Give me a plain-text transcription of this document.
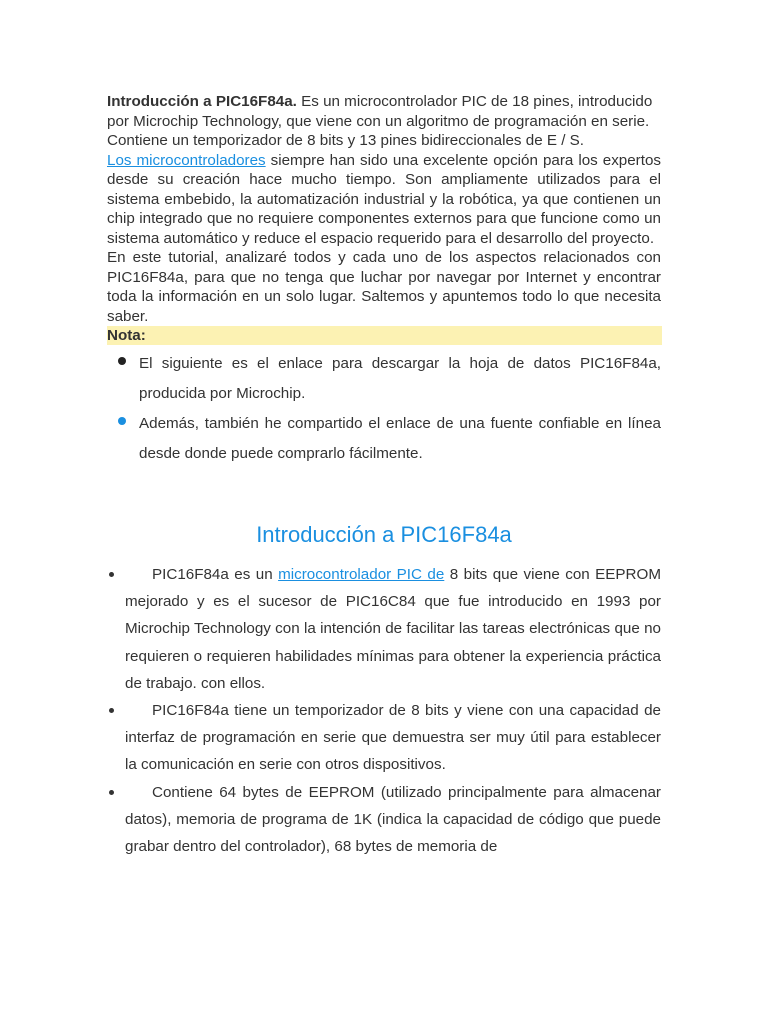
Introducción a PIC16F84a. Es un microcontrolador PIC de 18 pines, introducido por Microchip Technology, que viene con un algoritmo de programación en serie. Contiene un temporizador de 8 bits y 13 pines bidireccionales de E / S.

Los microcontroladores siempre han sido una excelente opción para los expertos desde su creación hace mucho tiempo. Son ampliamente utilizados para el sistema embebido, la automatización industrial y la robótica, ya que contienen un chip integrado que no requiere componentes externos para que funcione como un sistema automático y reduce el espacio requerido para el desarrollo del proyecto.

En este tutorial, analizaré todos y cada uno de los aspectos relacionados con PIC16F84a, para que no tenga que luchar por navegar por Internet y encontrar toda la información en un solo lugar. Saltemos y apuntemos todo lo que necesita saber.

Nota:

El siguiente es el enlace para descargar la hoja de datos PIC16F84a, producida por Microchip.
Además, también he compartido el enlace de una fuente confiable en línea desde donde puede comprarlo fácilmente.
Introducción a PIC16F84a
PIC16F84a es un microcontrolador PIC de 8 bits que viene con EEPROM mejorado y es el sucesor de PIC16C84 que fue introducido en 1993 por Microchip Technology con la intención de facilitar las tareas electrónicas que no requieren o requieren habilidades mínimas para obtener la experiencia práctica de trabajo. con ellos.
PIC16F84a tiene un temporizador de 8 bits y viene con una capacidad de interfaz de programación en serie que demuestra ser muy útil para establecer la comunicación en serie con otros dispositivos.
Contiene 64 bytes de EEPROM (utilizado principalmente para almacenar datos), memoria de programa de 1K (indica la capacidad de código que puede grabar dentro del controlador), 68 bytes de memoria de
